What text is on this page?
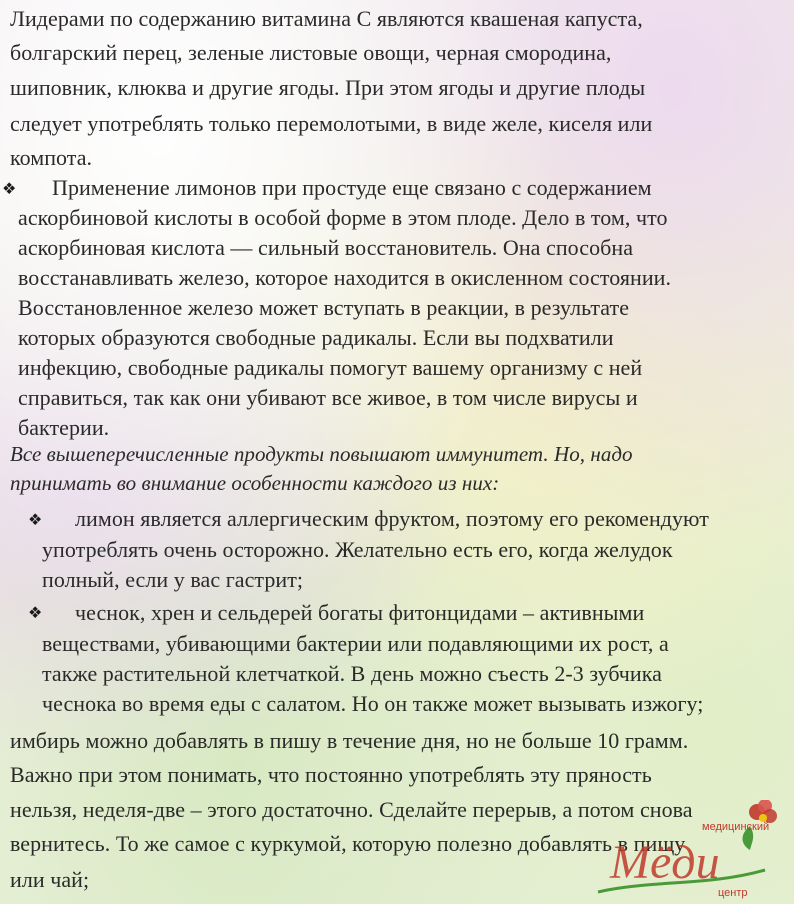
Лидерами по содержанию витамина С являются квашеная капуста,
болгарский перец, зеленые листовые овощи, черная смородина,
шиповник, клюква и другие ягоды. При этом ягоды и другие плоды
следует употреблять только перемолотыми, в виде желе, киселя или
компота.
❖ Применение лимонов при простуде еще связано с содержанием
аскорбиновой кислоты в особой форме в этом плоде. Дело в том, что
аскорбиновая кислота — сильный восстановитель. Она способна
восстанавливать железо, которое находится в окисленном состоянии.
Восстановленное железо может вступать в реакции, в результате
которых образуются свободные радикалы. Если вы подхватили
инфекцию, свободные радикалы помогут вашему организму с ней
справиться, так как они убивают все живое, в том числе вирусы и
бактерии.
Все вышеперечисленные продукты повышают иммунитет. Но, надо
принимать во внимание особенности каждого из них:
❖ лимон является аллергическим фруктом, поэтому его рекомендуют
употреблять очень осторожно. Желательно есть его, когда желудок
полный, если у вас гастрит;
❖ чеснок, хрен и сельдерей богаты фитонцидами – активными
веществами, убивающими бактерии или подавляющими их рост, а
также растительной клетчаткой. В день можно съесть 2-3 зубчика
чеснока во время еды с салатом. Но он также может вызывать изжогу;
имбирь можно добавлять в пишу в течение дня, но не больше 10 грамм.
Важно при этом понимать, что постоянно употреблять эту пряность
нельзя, неделя-две – этого достаточно. Сделайте перерыв, а потом снова
вернитесь. То же самое с куркумой, которую полезно добавлять в пищу
или чай;
медицинский
Мёди
центр
